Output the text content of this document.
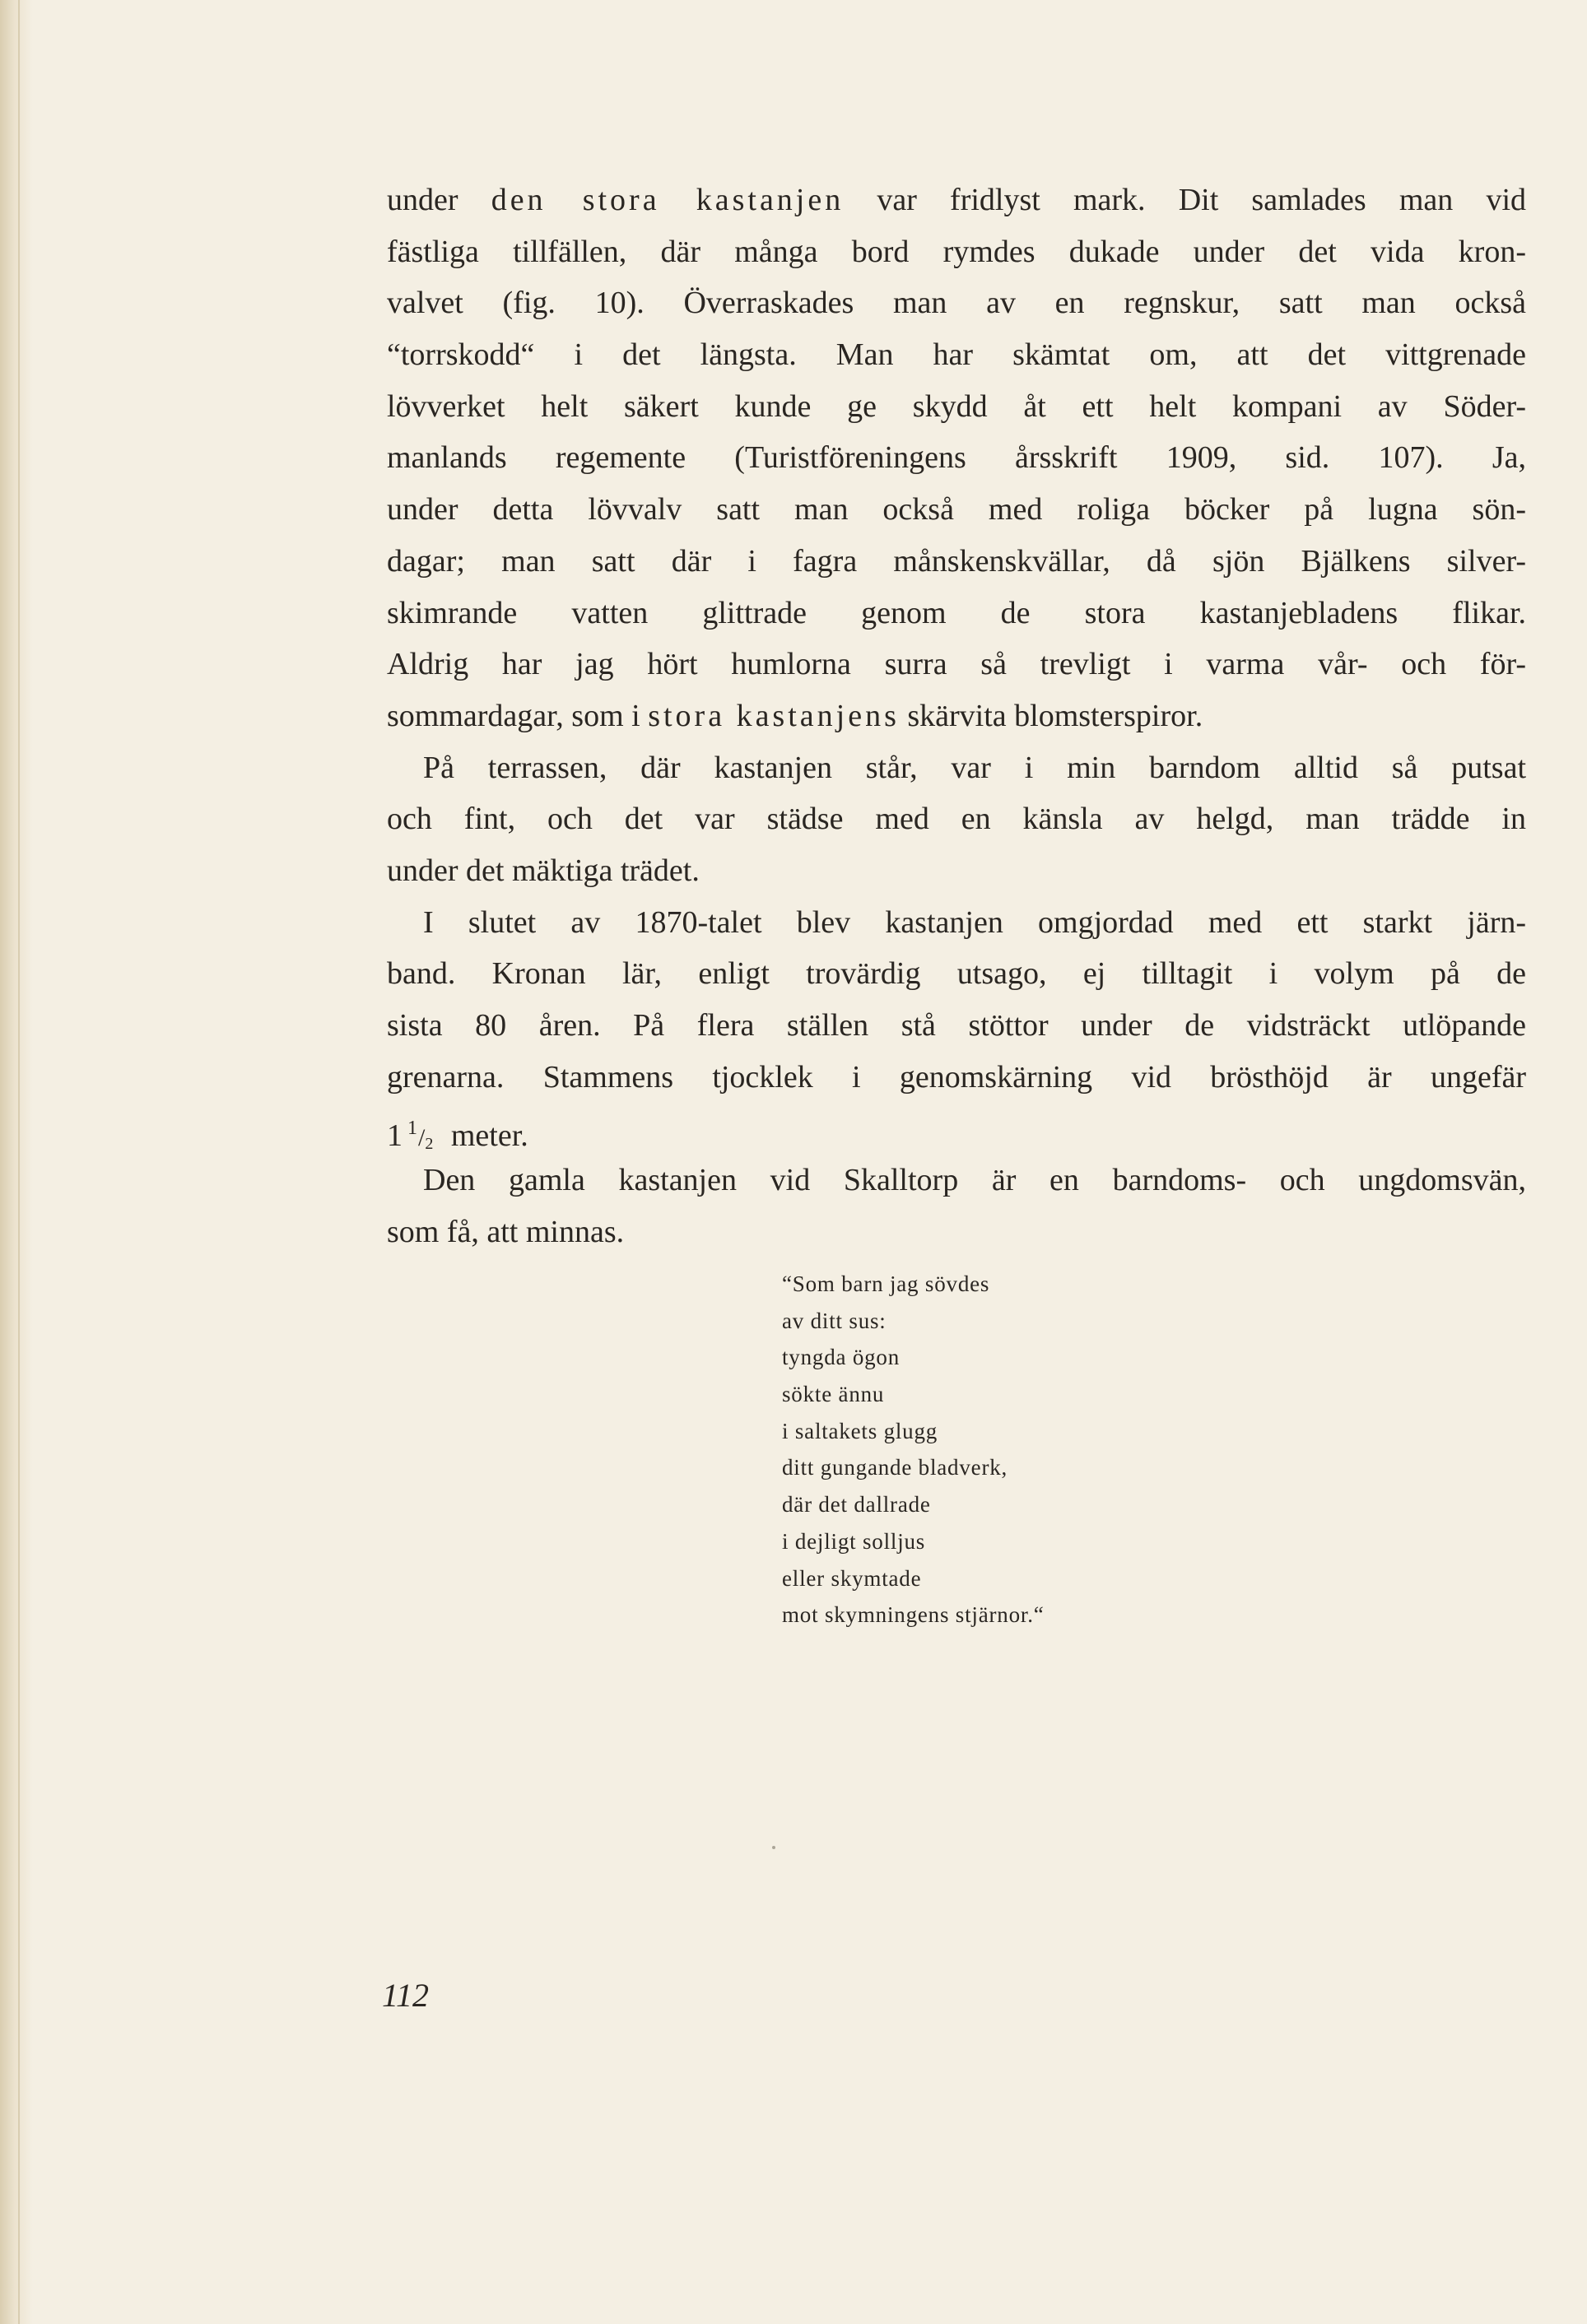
under den stora kastanjen var fridlyst mark. Dit samlades man vid
fästliga tillfällen, där många bord rymdes dukade under det vida kron-
valvet (fig. 10). Överraskades man av en regnskur, satt man också
“torrskodd“ i det längsta. Man har skämtat om, att det vittgrenade
lövverket helt säkert kunde ge skydd åt ett helt kompani av Söder-
manlands regemente (Turistföreningens årsskrift 1909, sid. 107). Ja,
under detta lövvalv satt man också med roliga böcker på lugna sön-
dagar; man satt där i fagra månskenskvällar, då sjön Bjälkens silver-
skimrande vatten glittrade genom de stora kastanjebladens flikar.
Aldrig har jag hört humlorna surra så trevligt i varma vår- och för-
sommardagar, som i stora kastanjens skärvita blomsterspiror.
På terrassen, där kastanjen står, var i min barndom alltid så putsat
och fint, och det var städse med en känsla av helgd, man trädde in
under det mäktiga trädet.
I slutet av 1870-talet blev kastanjen omgjordad med ett starkt järn-
band. Kronan lär, enligt trovärdig utsago, ej tilltagit i volym på de
sista 80 åren. På flera ställen stå stöttor under de vidsträckt utlöpande
grenarna. Stammens tjocklek i genomskärning vid brösthöjd är ungefär
1 $^1/_2$ meter.
Den gamla kastanjen vid Skalltorp är en barndoms- och ungdomsvän,
som få, att minnas.
“Som barn jag sövdes
av ditt sus:
tyngda ögon
sökte ännu
i saltakets glugg
ditt gungande bladverk,
där det dallrade
i dejligt solljus
eller skymtade
mot skymningens stjärnor.“
112
